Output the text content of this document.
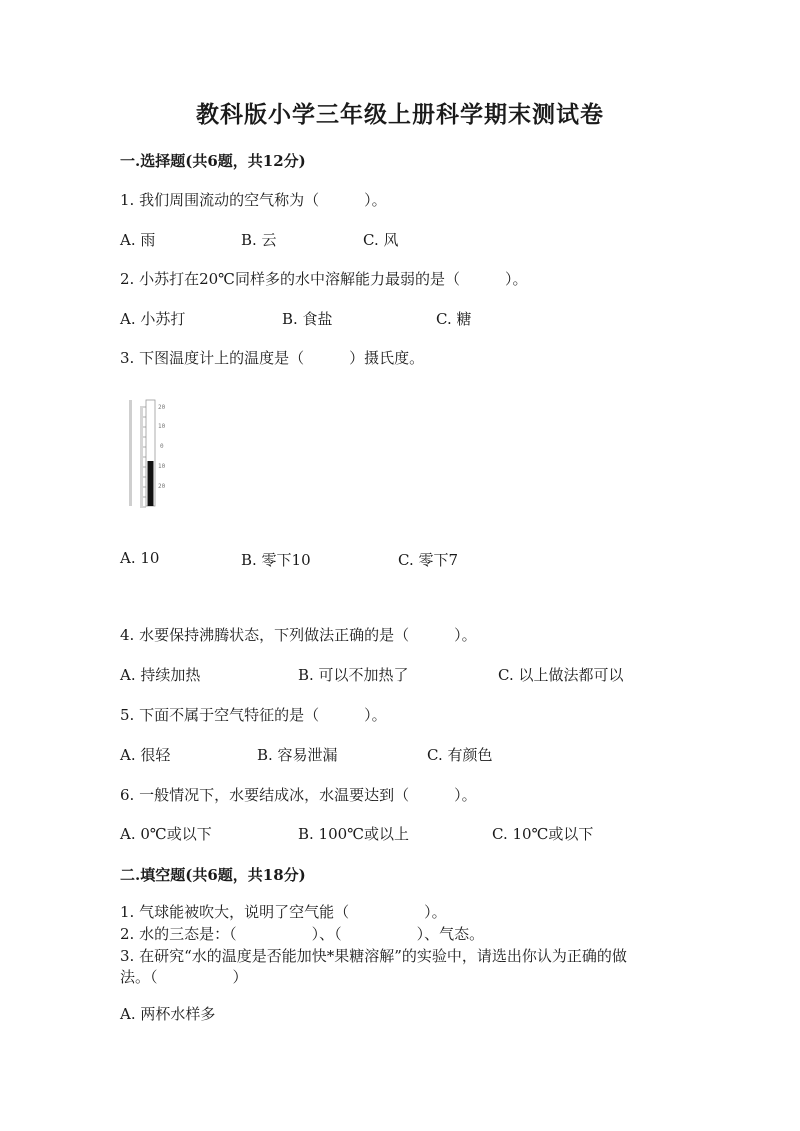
教科版小学三年级上册科学期末测试卷
一.选择题(共6题，共12分)
1. 我们周围流动的空气称为（　　　）。
A. 雨	B. 云	C. 风
2. 小苏打在20℃同样多的水中溶解能力最弱的是（　　　）。
A. 小苏打	B. 食盐	C. 糖
3. 下图温度计上的温度是（　　　）摄氏度。
20
10
0
10
20
A. 10	B. 零下10	C. 零下7
4. 水要保持沸腾状态，下列做法正确的是（　　　）。
A. 持续加热	B. 可以不加热了	C. 以上做法都可以
5. 下面不属于空气特征的是（　　　）。
A. 很轻	B. 容易泄漏	C. 有颜色
6. 一般情况下，水要结成冰，水温要达到（　　　）。
A. 0℃或以下	B. 100℃或以上	C. 10℃或以下
二.填空题(共6题，共18分)
1. 气球能被吹大，说明了空气能（　　　　　）。
2. 水的三态是：（　　　　　）、（　　　　　）、气态。
3. 在研究“水的温度是否能加快*果糖溶解”的实验中，请选出你认为正确的做
法。（　　　　　）
A. 两杯水样多
